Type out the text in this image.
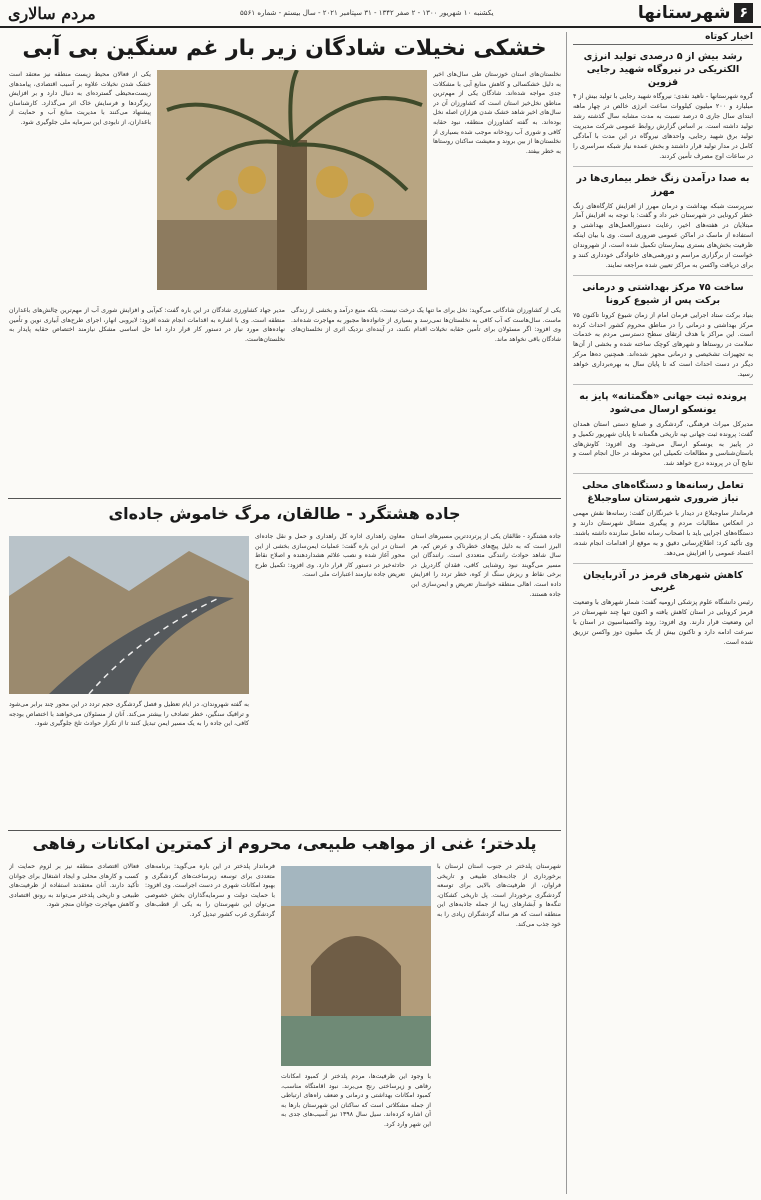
۶
شهرستانها
یکشنبه ۱۰ شهریور ۱۳۰۰ - ۲ صفر ۱۳۴۲ - ۳۱ سپتامبر ۲۰۲۱ - سال بیستم - شماره ۵۵۶۱
مردم سالاری
اخبار کوتاه
رشد بیش از ۵ درصدی تولید انرژی الکتریکی در نیروگاه شهید رجایی قزوین

گروه شهرستانها - ناهید نقدی: نیروگاه شهید رجایی با تولید بیش از ۴ میلیارد و ۲۰۰ میلیون کیلووات ساعت انرژی خالص در چهار ماهه ابتدای سال جاری ۵ درصد نسبت به مدت مشابه سال گذشته رشد تولید داشته است. بر اساس گزارش روابط عمومی شرکت مدیریت تولید برق شهید رجایی، واحدهای نیروگاه در این مدت با آمادگی کامل در مدار تولید قرار داشتند و بخش عمده نیاز شبکه سراسری را در ساعات اوج مصرف تأمین کردند.

به صدا درآمدن زنگ خطر بیماری‌ها در مهرز

سرپرست شبکه بهداشت و درمان مهرز از افزایش کارگاه‌های زنگ خطر کرونایی در شهرستان خبر داد و گفت: با توجه به افزایش آمار مبتلایان در هفته‌های اخیر، رعایت دستورالعمل‌های بهداشتی و استفاده از ماسک در اماکن عمومی ضروری است. وی با بیان اینکه ظرفیت بخش‌های بستری بیمارستان تکمیل شده است، از شهروندان خواست از برگزاری مراسم و دورهمی‌های خانوادگی خودداری کنند و برای دریافت واکسن به مراکز تعیین شده مراجعه نمایند.

ساخت ۷۵ مرکز بهداشتی و درمانی برکت پس از شیوع کرونا

بنیاد برکت ستاد اجرایی فرمان امام از زمان شیوع کرونا تاکنون ۷۵ مرکز بهداشتی و درمانی را در مناطق محروم کشور احداث کرده است. این مراکز با هدف ارتقای سطح دسترسی مردم به خدمات سلامت در روستاها و شهرهای کوچک ساخته شده و بخشی از آن‌ها به تجهیزات تشخیصی و درمانی مجهز شده‌اند. همچنین ده‌ها مرکز دیگر در دست احداث است که تا پایان سال به بهره‌برداری خواهد رسید.

پرونده ثبت جهانی «هگمتانه» پایز به یونسکو ارسال می‌شود

مدیرکل میراث فرهنگی، گردشگری و صنایع دستی استان همدان گفت: پرونده ثبت جهانی تپه تاریخی هگمتانه تا پایان شهریور تکمیل و در پاییز به یونسکو ارسال می‌شود. وی افزود: کاوش‌های باستان‌شناسی و مطالعات تکمیلی این محوطه در حال انجام است و نتایج آن در پرونده درج خواهد شد.

تعامل رسانه‌ها و دستگاه‌های محلی نیاز ضروری شهرستان ساوجبلاغ

فرماندار ساوجبلاغ در دیدار با خبرنگاران گفت: رسانه‌ها نقش مهمی در انعکاس مطالبات مردم و پیگیری مسائل شهرستان دارند و دستگاه‌های اجرایی باید با اصحاب رسانه تعامل سازنده داشته باشند. وی تأکید کرد: اطلاع‌رسانی دقیق و به موقع از اقدامات انجام شده، اعتماد عمومی را افزایش می‌دهد.

کاهش شهرهای قرمز در آذربایجان غربی

رئیس دانشگاه علوم پزشکی ارومیه گفت: شمار شهرهای با وضعیت قرمز کرونایی در استان کاهش یافته و اکنون تنها چند شهرستان در این وضعیت قرار دارند. وی افزود: روند واکسیناسیون در استان با سرعت ادامه دارد و تاکنون بیش از یک میلیون دوز واکسن تزریق شده است.

خشکی نخیلات شادگان زیر بار غم سنگین بی آبی

نخلستان‌های استان خوزستان طی سال‌های اخیر به دلیل خشکسالی و کاهش منابع آبی با مشکلات جدی مواجه شده‌اند. شادگان یکی از مهم‌ترین مناطق نخل‌خیز استان است که کشاورزان آن در سال‌های اخیر شاهد خشک شدن هزاران اصله نخل بوده‌اند. به گفته کشاورزان منطقه، نبود حقابه کافی و شوری آب رودخانه موجب شده بسیاری از نخلستان‌ها از بین بروند و معیشت ساکنان روستاها به خطر بیفتد.

یکی از فعالان محیط زیست منطقه نیز معتقد است خشک شدن نخیلات علاوه بر آسیب اقتصادی، پیامدهای زیست‌محیطی گسترده‌ای به دنبال دارد و بر افزایش ریزگردها و فرسایش خاک اثر می‌گذارد. کارشناسان پیشنهاد می‌کنند با مدیریت منابع آب و حمایت از باغداران، از نابودی این سرمایه ملی جلوگیری شود.

یکی از کشاورزان شادگانی می‌گوید: نخل برای ما تنها یک درخت نیست، بلکه منبع درآمد و بخشی از زندگی ماست. سال‌هاست که آب کافی به نخلستان‌ها نمی‌رسد و بسیاری از خانواده‌ها مجبور به مهاجرت شده‌اند. وی افزود: اگر مسئولان برای تأمین حقابه نخیلات اقدام نکنند، در آینده‌ای نزدیک اثری از نخلستان‌های شادگان باقی نخواهد ماند.

مدیر جهاد کشاورزی شادگان در این باره گفت: کم‌آبی و افزایش شوری آب از مهم‌ترین چالش‌های باغداران منطقه است. وی با اشاره به اقدامات انجام شده افزود: لایروبی انهار، اجرای طرح‌های آبیاری نوین و تأمین نهاده‌های مورد نیاز در دستور کار قرار دارد اما حل اساسی مشکل نیازمند اختصاص حقابه پایدار به نخلستان‌هاست.

جاده هشتگرد - طالقان، مرگ خاموش جاده‌ای

جاده هشتگرد - طالقان یکی از پرتردد‌ترین مسیرهای استان البرز است که به دلیل پیچ‌های خطرناک و عرض کم، هر سال شاهد حوادث رانندگی متعددی است. رانندگان این مسیر می‌گویند نبود روشنایی کافی، فقدان گاردریل در برخی نقاط و ریزش سنگ از کوه، خطر تردد را افزایش داده است. اهالی منطقه خواستار تعریض و ایمن‌سازی این جاده هستند.

معاون راهداری اداره کل راهداری و حمل و نقل جاده‌ای استان در این باره گفت: عملیات ایمن‌سازی بخشی از این محور آغاز شده و نصب علائم هشداردهنده و اصلاح نقاط حادثه‌خیز در دستور کار قرار دارد. وی افزود: تکمیل طرح تعریض جاده نیازمند اعتبارات ملی است.

به گفته شهروندان، در ایام تعطیل و فصل گردشگری حجم تردد در این محور چند برابر می‌شود و ترافیک سنگین، خطر تصادف را بیشتر می‌کند. آنان از مسئولان می‌خواهند با اختصاص بودجه کافی، این جاده را به یک مسیر ایمن تبدیل کنند تا از تکرار حوادث تلخ جلوگیری شود.

پلدختر؛ غنی از مواهب طبیعی، محروم از کمترین امکانات رفاهی

شهرستان پلدختر در جنوب استان لرستان با برخورداری از جاذبه‌های طبیعی و تاریخی فراوان، از ظرفیت‌های بالایی برای توسعه گردشگری برخوردار است. پل تاریخی کشکان، تنگه‌ها و آبشارهای زیبا از جمله جاذبه‌های این منطقه است که هر ساله گردشگران زیادی را به خود جذب می‌کند.

با وجود این ظرفیت‌ها، مردم پلدختر از کمبود امکانات رفاهی و زیرساختی رنج می‌برند. نبود اقامتگاه مناسب، کمبود امکانات بهداشتی و درمانی و ضعف راه‌های ارتباطی از جمله مشکلاتی است که ساکنان این شهرستان بارها به آن اشاره کرده‌اند. سیل سال ۱۳۹۸ نیز آسیب‌های جدی به این شهر وارد کرد.

فرماندار پلدختر در این باره می‌گوید: برنامه‌های متعددی برای توسعه زیرساخت‌های گردشگری و بهبود امکانات شهری در دست اجراست. وی افزود: با حمایت دولت و سرمایه‌گذاران بخش خصوصی می‌توان این شهرستان را به یکی از قطب‌های گردشگری غرب کشور تبدیل کرد.

فعالان اقتصادی منطقه نیز بر لزوم حمایت از کسب و کارهای محلی و ایجاد اشتغال برای جوانان تأکید دارند. آنان معتقدند استفاده از ظرفیت‌های طبیعی و تاریخی پلدختر می‌تواند به رونق اقتصادی و کاهش مهاجرت جوانان منجر شود.
